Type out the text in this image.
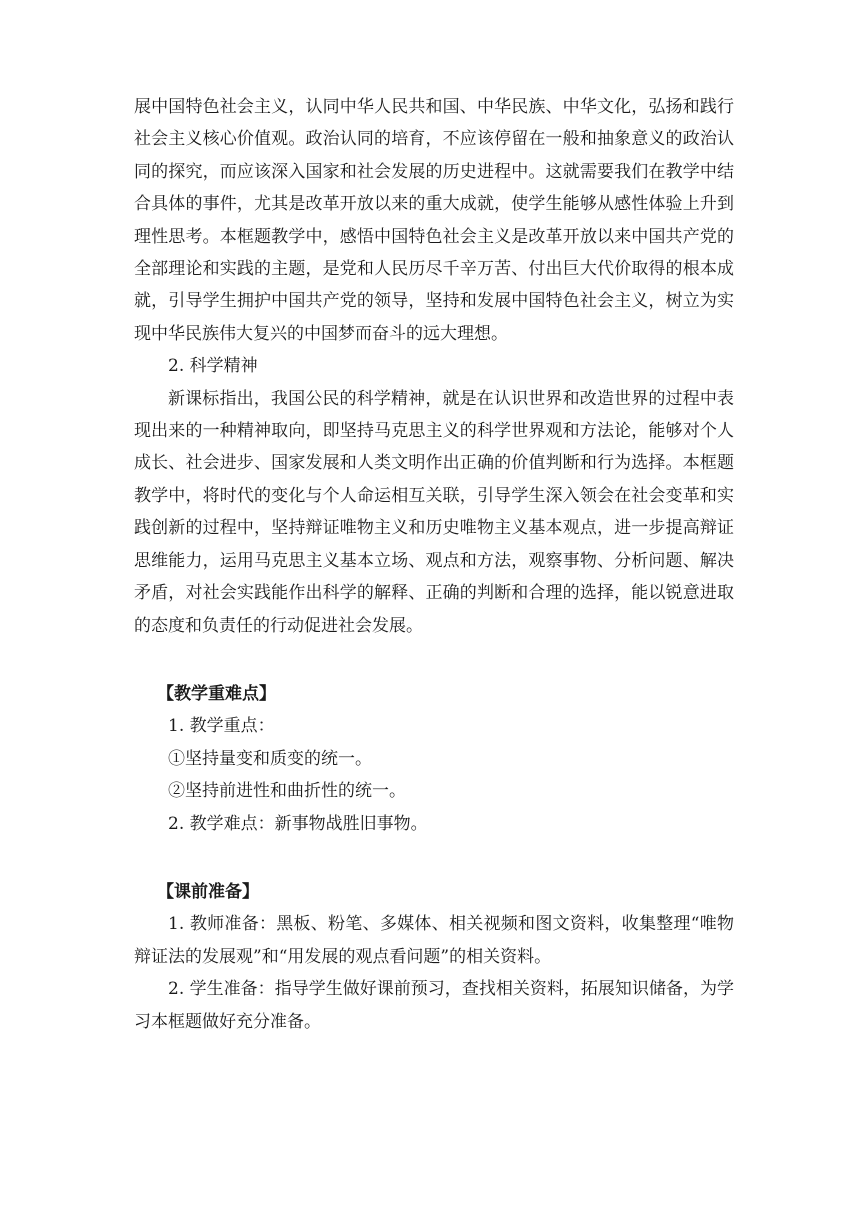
展中国特色社会主义，认同中华人民共和国、中华民族、中华文化，弘扬和践行社会主义核心价值观。政治认同的培育，不应该停留在一般和抽象意义的政治认同的探究，而应该深入国家和社会发展的历史进程中。这就需要我们在教学中结合具体的事件，尤其是改革开放以来的重大成就，使学生能够从感性体验上升到理性思考。本框题教学中，感悟中国特色社会主义是改革开放以来中国共产党的全部理论和实践的主题，是党和人民历尽千辛万苦、付出巨大代价取得的根本成就，引导学生拥护中国共产党的领导，坚持和发展中国特色社会主义，树立为实现中华民族伟大复兴的中国梦而奋斗的远大理想。

2. 科学精神

新课标指出，我国公民的科学精神，就是在认识世界和改造世界的过程中表现出来的一种精神取向，即坚持马克思主义的科学世界观和方法论，能够对个人成长、社会进步、国家发展和人类文明作出正确的价值判断和行为选择。本框题教学中，将时代的变化与个人命运相互关联，引导学生深入领会在社会变革和实践创新的过程中，坚持辩证唯物主义和历史唯物主义基本观点，进一步提高辩证思维能力，运用马克思主义基本立场、观点和方法，观察事物、分析问题、解决矛盾，对社会实践能作出科学的解释、正确的判断和合理的选择，能以锐意进取的态度和负责任的行动促进社会发展。

【教学重难点】

1. 教学重点：

①坚持量变和质变的统一。

②坚持前进性和曲折性的统一。

2. 教学难点：新事物战胜旧事物。

【课前准备】

1. 教师准备：黑板、粉笔、多媒体、相关视频和图文资料，收集整理“唯物辩证法的发展观”和“用发展的观点看问题”的相关资料。

2. 学生准备：指导学生做好课前预习，查找相关资料，拓展知识储备，为学习本框题做好充分准备。
